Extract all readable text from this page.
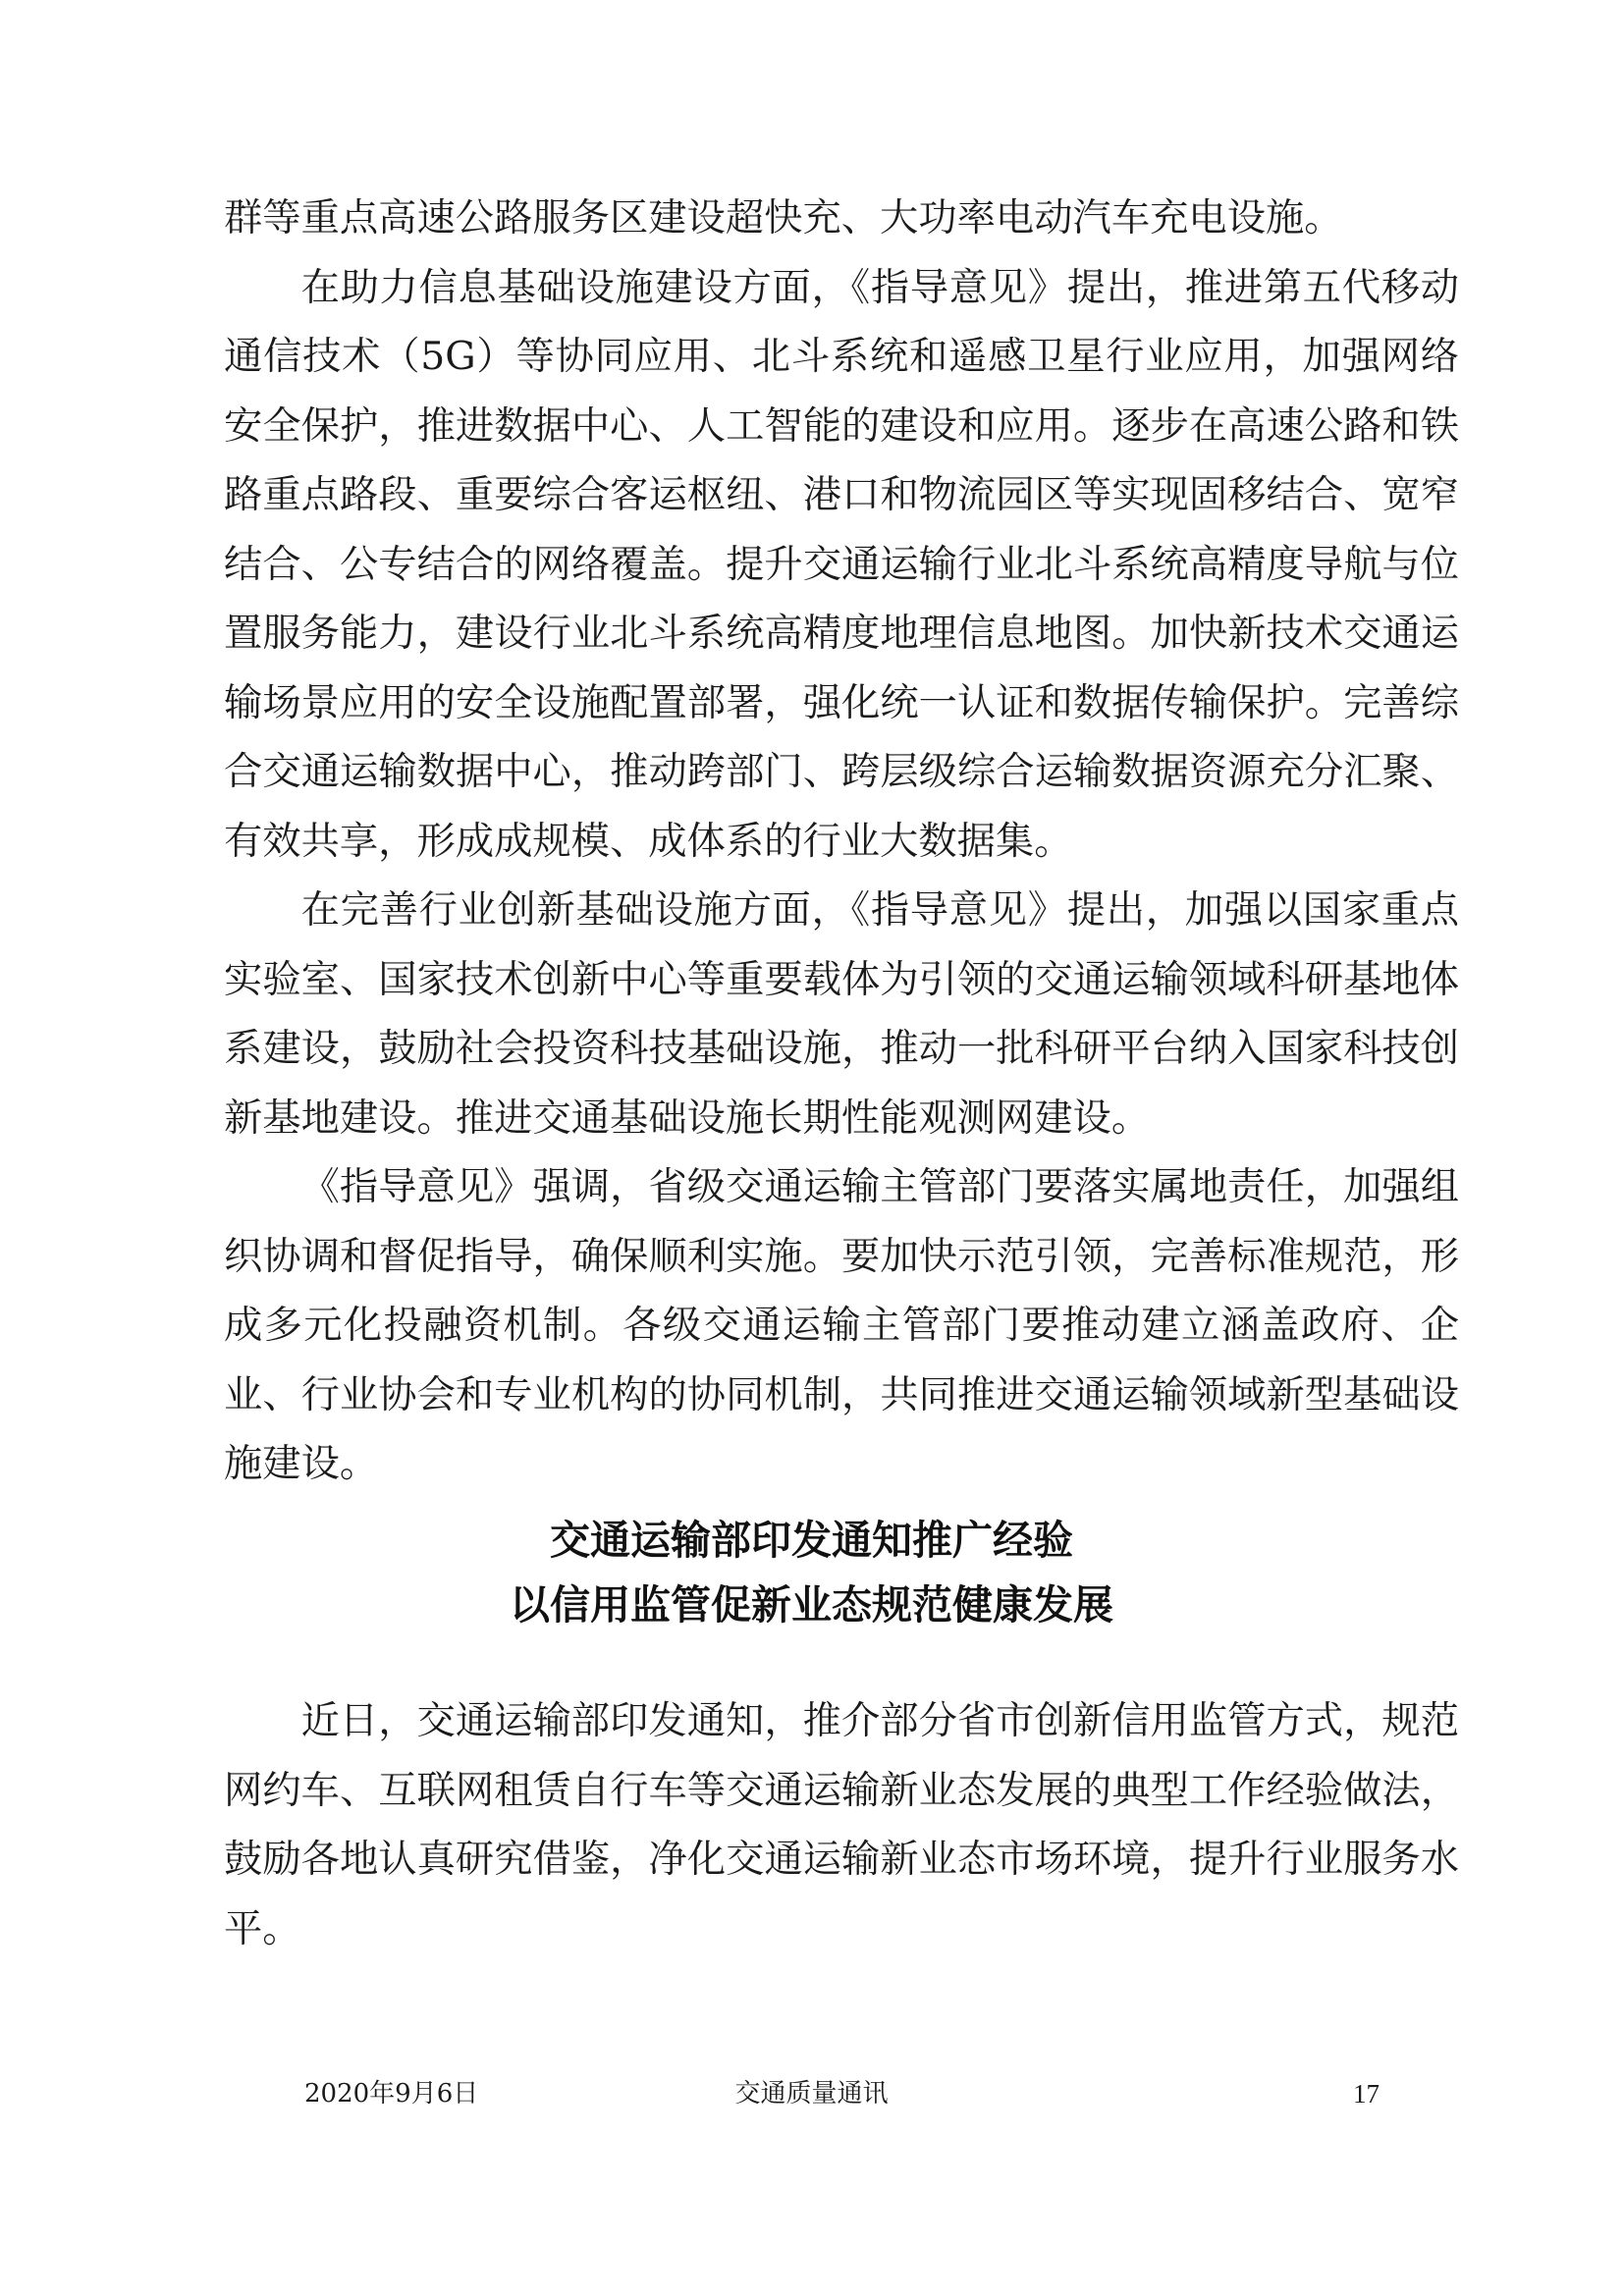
群等重点高速公路服务区建设超快充、大功率电动汽车充电设施。

在助力信息基础设施建设方面，《指导意见》提出，推进第五代移动通信技术（5G）等协同应用、北斗系统和遥感卫星行业应用，加强网络安全保护，推进数据中心、人工智能的建设和应用。逐步在高速公路和铁路重点路段、重要综合客运枢纽、港口和物流园区等实现固移结合、宽窄结合、公专结合的网络覆盖。提升交通运输行业北斗系统高精度导航与位置服务能力，建设行业北斗系统高精度地理信息地图。加快新技术交通运输场景应用的安全设施配置部署，强化统一认证和数据传输保护。完善综合交通运输数据中心，推动跨部门、跨层级综合运输数据资源充分汇聚、有效共享，形成成规模、成体系的行业大数据集。

在完善行业创新基础设施方面，《指导意见》提出，加强以国家重点实验室、国家技术创新中心等重要载体为引领的交通运输领域科研基地体系建设，鼓励社会投资科技基础设施，推动一批科研平台纳入国家科技创新基地建设。推进交通基础设施长期性能观测网建设。

《指导意见》强调，省级交通运输主管部门要落实属地责任，加强组织协调和督促指导，确保顺利实施。要加快示范引领，完善标准规范，形成多元化投融资机制。各级交通运输主管部门要推动建立涵盖政府、企业、行业协会和专业机构的协同机制，共同推进交通运输领域新型基础设施建设。

交通运输部印发通知推广经验
以信用监管促新业态规范健康发展

近日，交通运输部印发通知，推介部分省市创新信用监管方式，规范网约车、互联网租赁自行车等交通运输新业态发展的典型工作经验做法，鼓励各地认真研究借鉴，净化交通运输新业态市场环境，提升行业服务水平。

2020年9月6日	交通质量通讯	17
